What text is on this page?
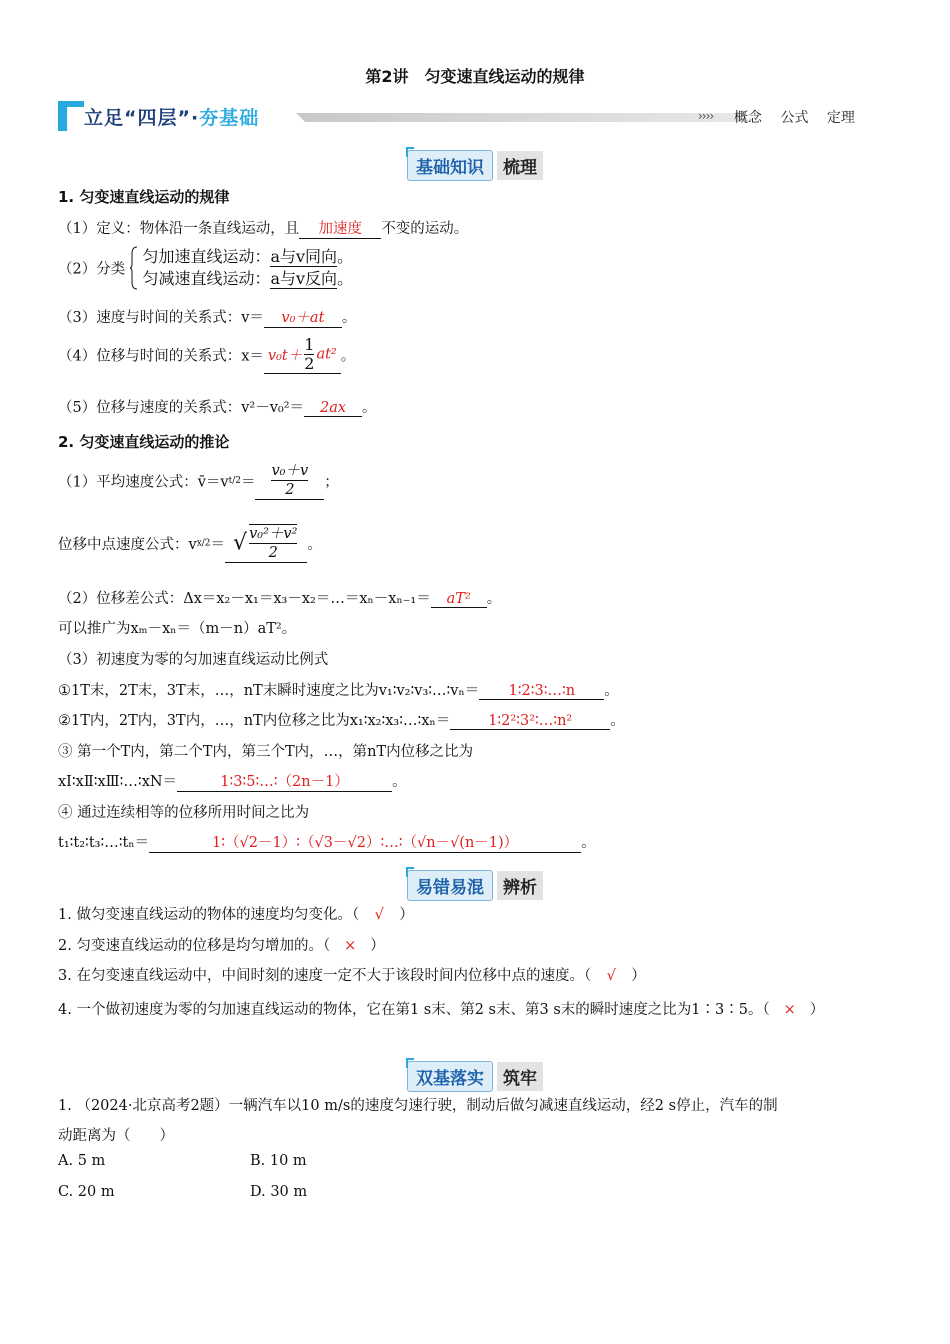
第2讲　匀变速直线运动的规律
立足“四层”·夯基础	›››› 概念 公式 定理
基础知识 梳理
1. 匀变速直线运动的规律
（1）定义：物体沿一条直线运动，且 加速度 不变的运动。
（2）分类  匀加速直线运动：a与v同向。
匀减速直线运动：a与v反向。
（3）速度与时间的关系式：v＝ v₀＋at 。
（4）位移与时间的关系式：$x= v_0t+ \frac{1}{2} at^2$ 。
（5）位移与速度的关系式：v²－v₀²＝ 2ax 。
2. 匀变速直线运动的推论
（1）平均速度公式：v̄＝vt/2＝ $\frac{\text{v₀＋v}}{2}$ ；
位移中点速度公式：vx/2＝ √ $\frac{\text{v₀²＋v²}}{2}$ 。
（2）位移差公式：Δx＝x₂－x₁＝x₃－x₂＝…＝xₙ－xₙ₋₁＝ aT² 。
可以推广为xₘ－xₙ＝（m－n）aT²。
（3）初速度为零的匀加速直线运动比例式
①1T末，2T末，3T末，…，nT末瞬时速度之比为v₁∶v₂∶v₃∶…∶vₙ＝ 1∶2∶3∶…∶n 。
②1T内，2T内，3T内，…，nT内位移之比为x₁∶x₂∶x₃∶…∶xₙ＝	1∶2²∶3²∶…∶n²	。
③ 第一个T内，第二个T内，第三个T内，…，第nT内位移之比为
xⅠ∶xⅡ∶xⅢ∶…∶xN＝	1∶3∶5∶…∶（2n－1）	。
④ 通过连续相等的位移所用时间之比为
t₁∶t₂∶t₃∶…∶tₙ＝	1∶（√2－1）∶（√3－√2）∶…∶（√n－√(n－1)）	。
易错易混 辨析
1. 做匀变速直线运动的物体的速度均匀变化。（ √ ）
2. 匀变速直线运动的位移是均匀增加的。（ × ）
3. 在匀变速直线运动中，中间时刻的速度一定不大于该段时间内位移中点的速度。（ √ ）
4. 一个做初速度为零的匀加速直线运动的物体，它在第1 s末、第2 s末、第3 s末的瞬时速度之比为1∶3∶5。（ × ）
双基落实 筑牢
1. （2024·北京高考2题）一辆汽车以10 m/s的速度匀速行驶，制动后做匀减速直线运动，经2 s停止，汽车的制
动距离为（　　）
A. 5 m	B. 10 m
C. 20 m	D. 30 m
